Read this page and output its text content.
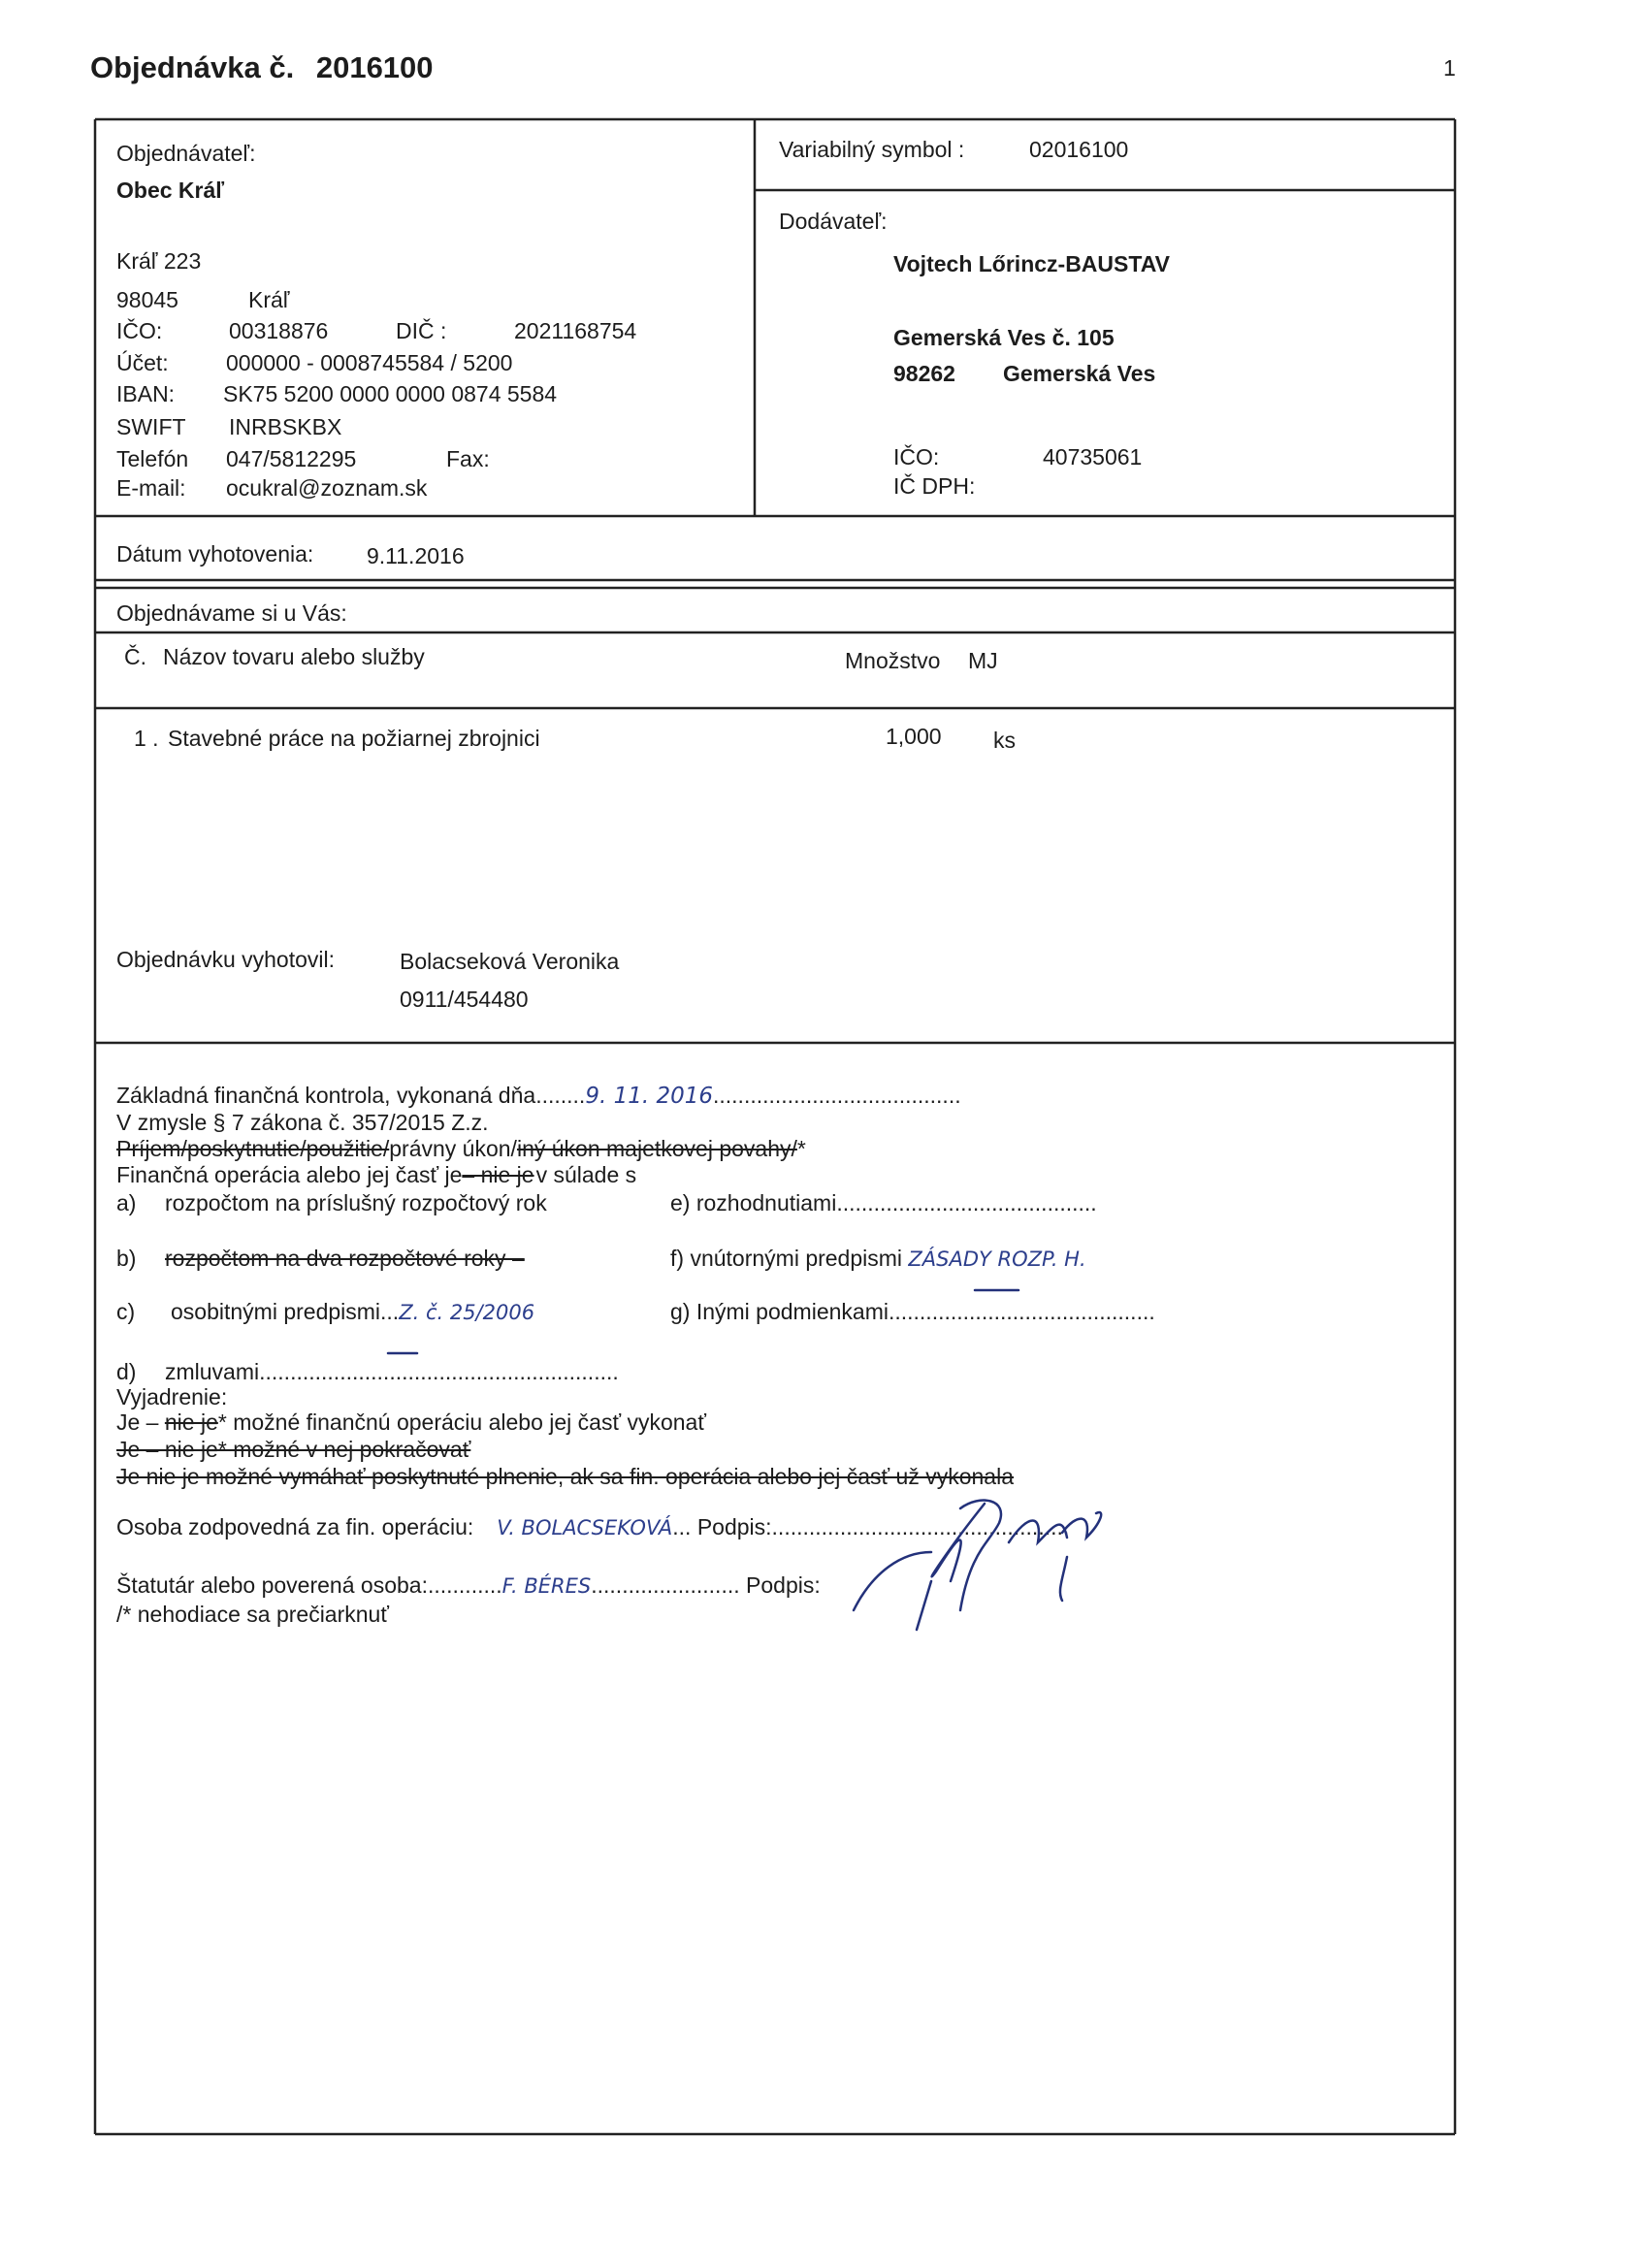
Objednávka č. 2016100	1
Objednávateľ:
Obec Kráľ
Kráľ 223
98045	Kráľ
IČO:	00318876	DIČ :	2021168754
Účet:	000000 - 0008745584 / 5200
IBAN: SK75 5200 0000 0000 0874 5584
SWIFT INRBSKBX
Telefón 047/5812295	Fax:
E-mail: ocukral@zoznam.sk
Variabilný symbol :	02016100
Dodávateľ:
Vojtech Lőrincz-BAUSTAV
Gemerská Ves č. 105
98262 Gemerská Ves
IČO:	40735061
IČ DPH:
Dátum vyhotovenia: 9.11.2016
Objednávame si u Vás:
Č. Názov tovaru alebo služby	Množstvo MJ
1 . Stavebné práce na požiarnej zbrojnici	1,000 ks
Objednávku vyhotovil:	Bolacseková Veronika
0911/454480
Základná finančná kontrola, vykonaná dňa........9. 11. 2016........................................
V zmysle § 7 zákona č. 357/2015 Z.z.
Príjem/poskytnutie/použitie/právny úkon/iný úkon majetkovej povahy/*
Finančná operácia alebo jej časť je– nie jev súlade s
a) rozpočtom na príslušný rozpočtový rok	e) rozhodnutiami..........................................
b) rozpočtom na dva rozpočtové roky –	f) vnútornými predpismi ZÁSADY ROZP. H.
c) osobitnými predpismi...Z. č. 25/2006	g) Inými podmienkami...........................................
d) zmluvami..........................................................
Vyjadrenie:
Je – nie je* možné finančnú operáciu alebo jej časť vykonať
Je – nie je* možné v nej pokračovať
Je nie je možné vymáhať poskytnuté plnenie, ak sa fin. operácia alebo jej časť už vykonala
Osoba zodpovedná za fin. operáciu: V. BOLACSEKOVÁ... Podpis:................................................
Štatutár alebo poverená osoba:............F. BÉRES........................ Podpis:
/* nehodiace sa prečiarknuť
